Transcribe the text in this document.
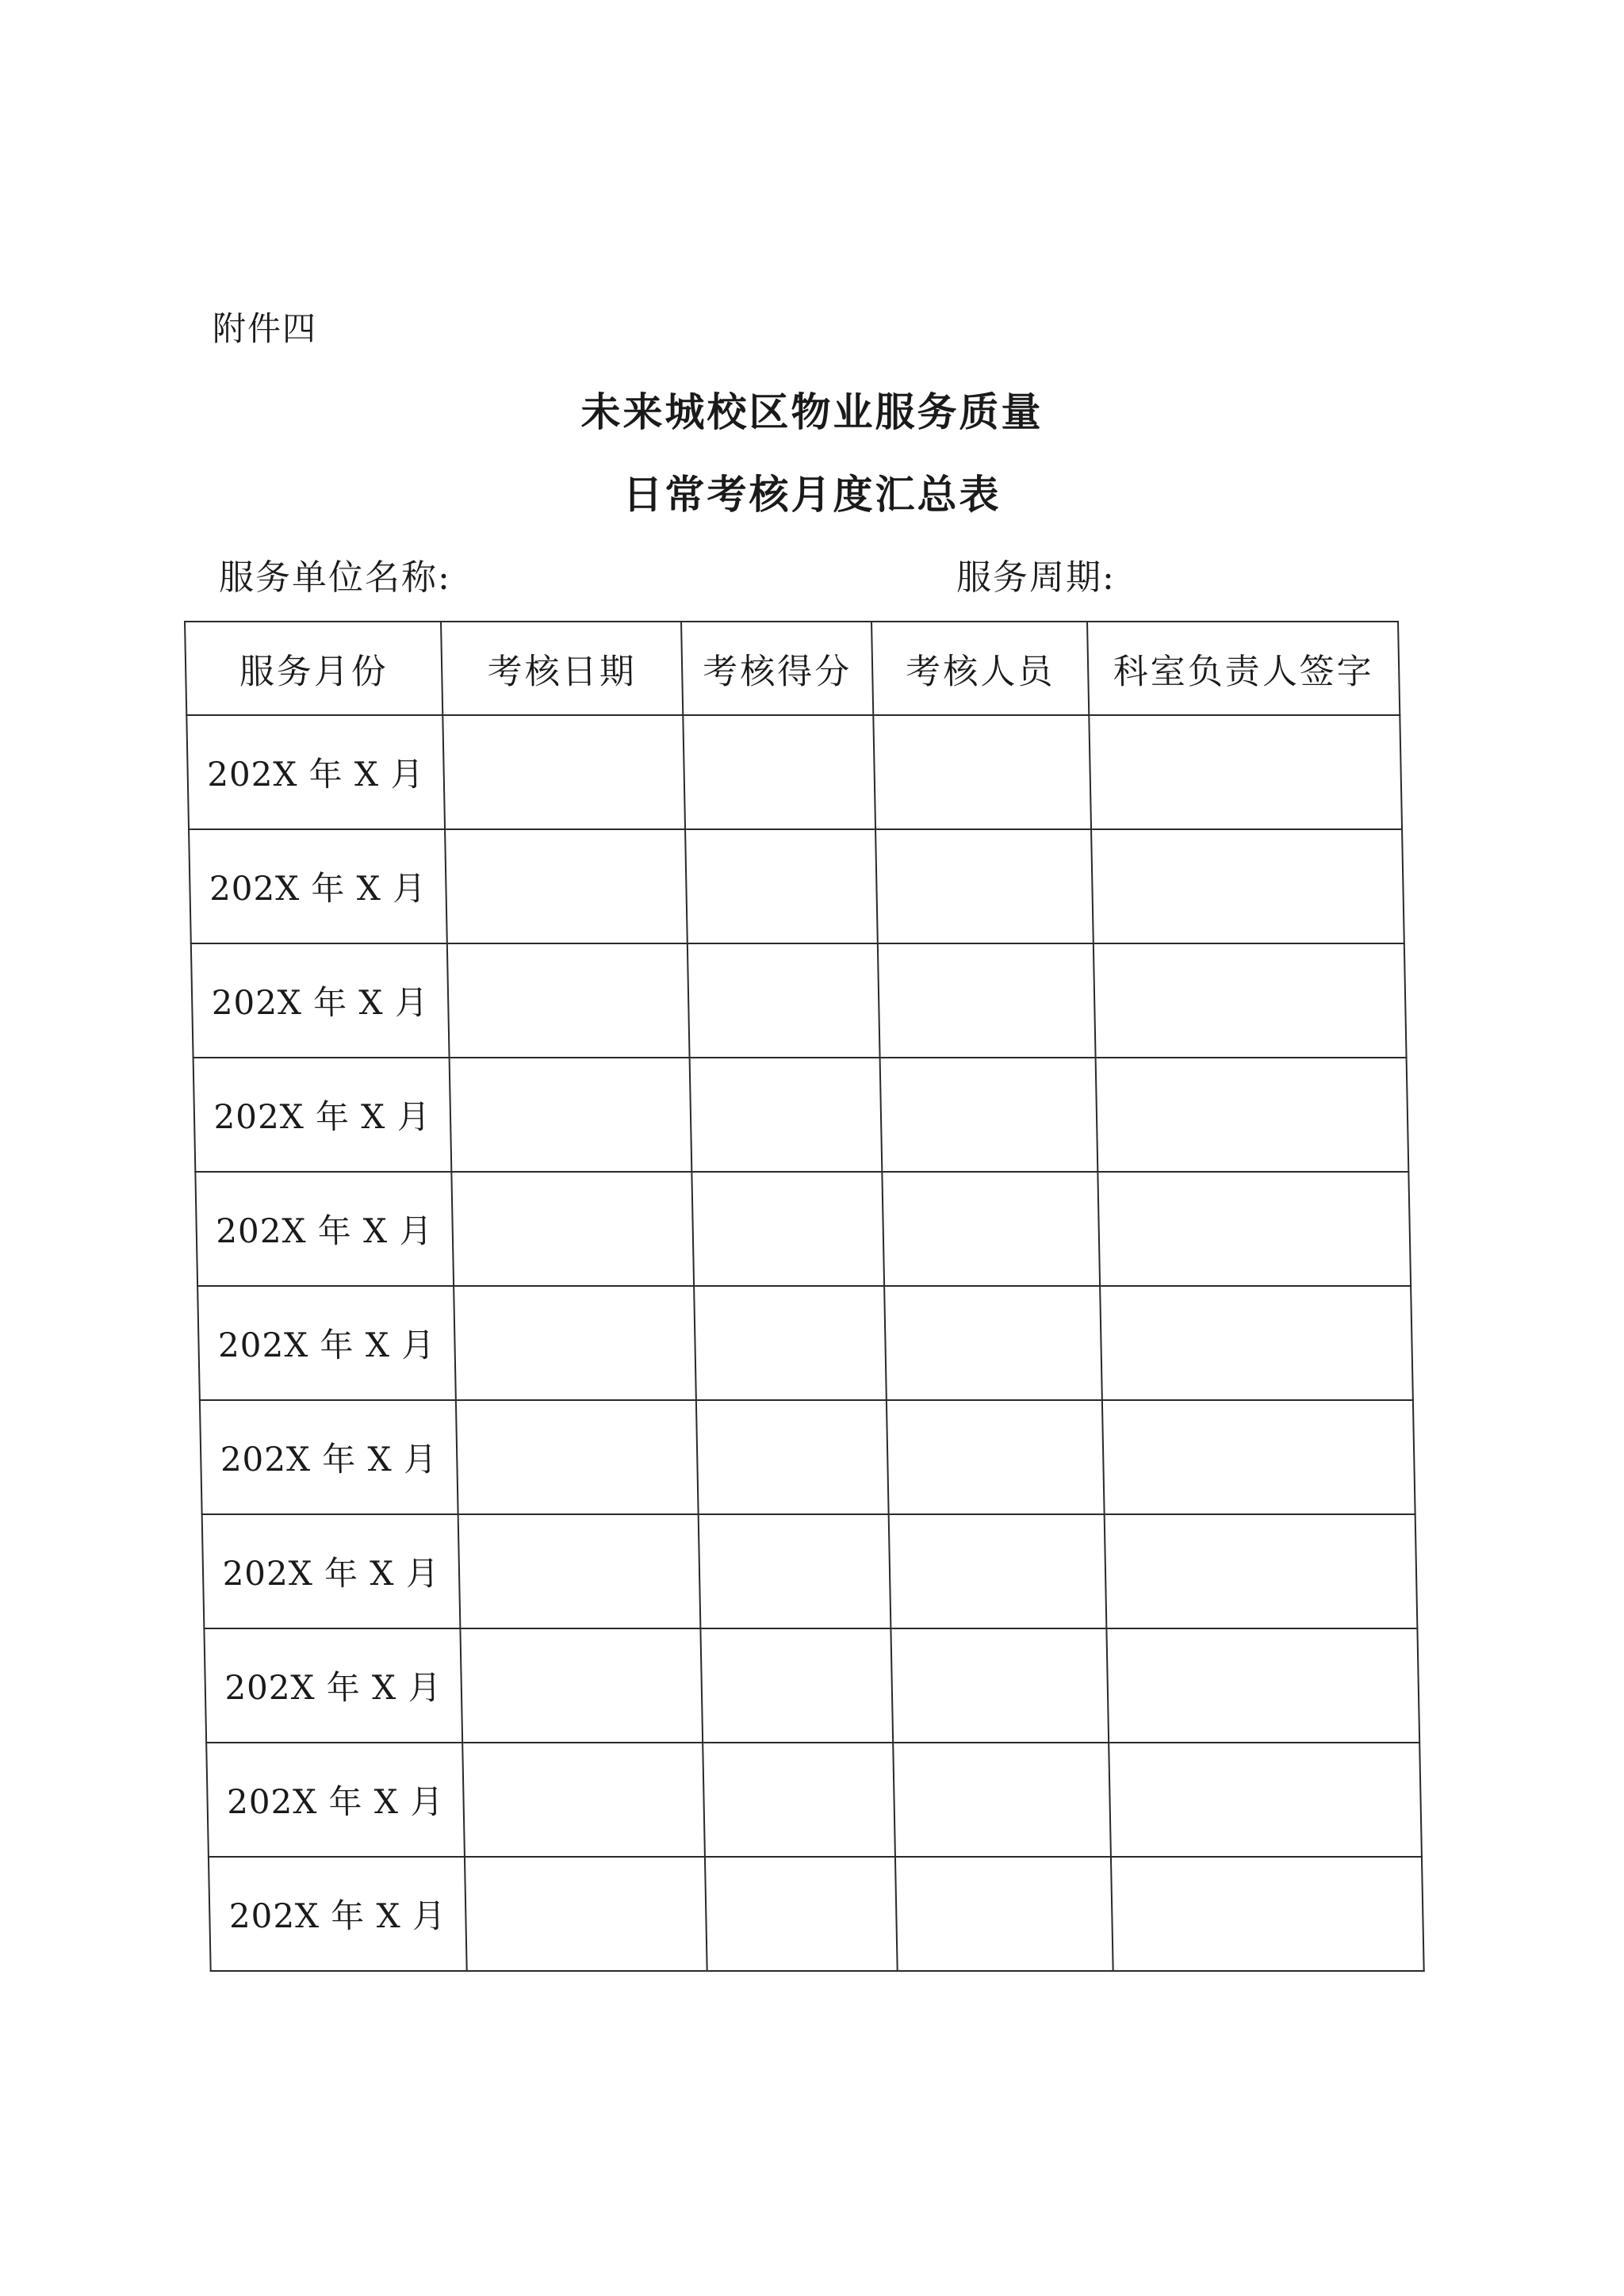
附件四
未来城校区物业服务质量
日常考核月度汇总表
服务单位名称:	服务周期:
服务月份	考核日期	考核得分	考核人员	科室负责人签字
202X 年 X 月				
202X 年 X 月				
202X 年 X 月				
202X 年 X 月				
202X 年 X 月				
202X 年 X 月				
202X 年 X 月				
202X 年 X 月				
202X 年 X 月				
202X 年 X 月				
202X 年 X 月				
